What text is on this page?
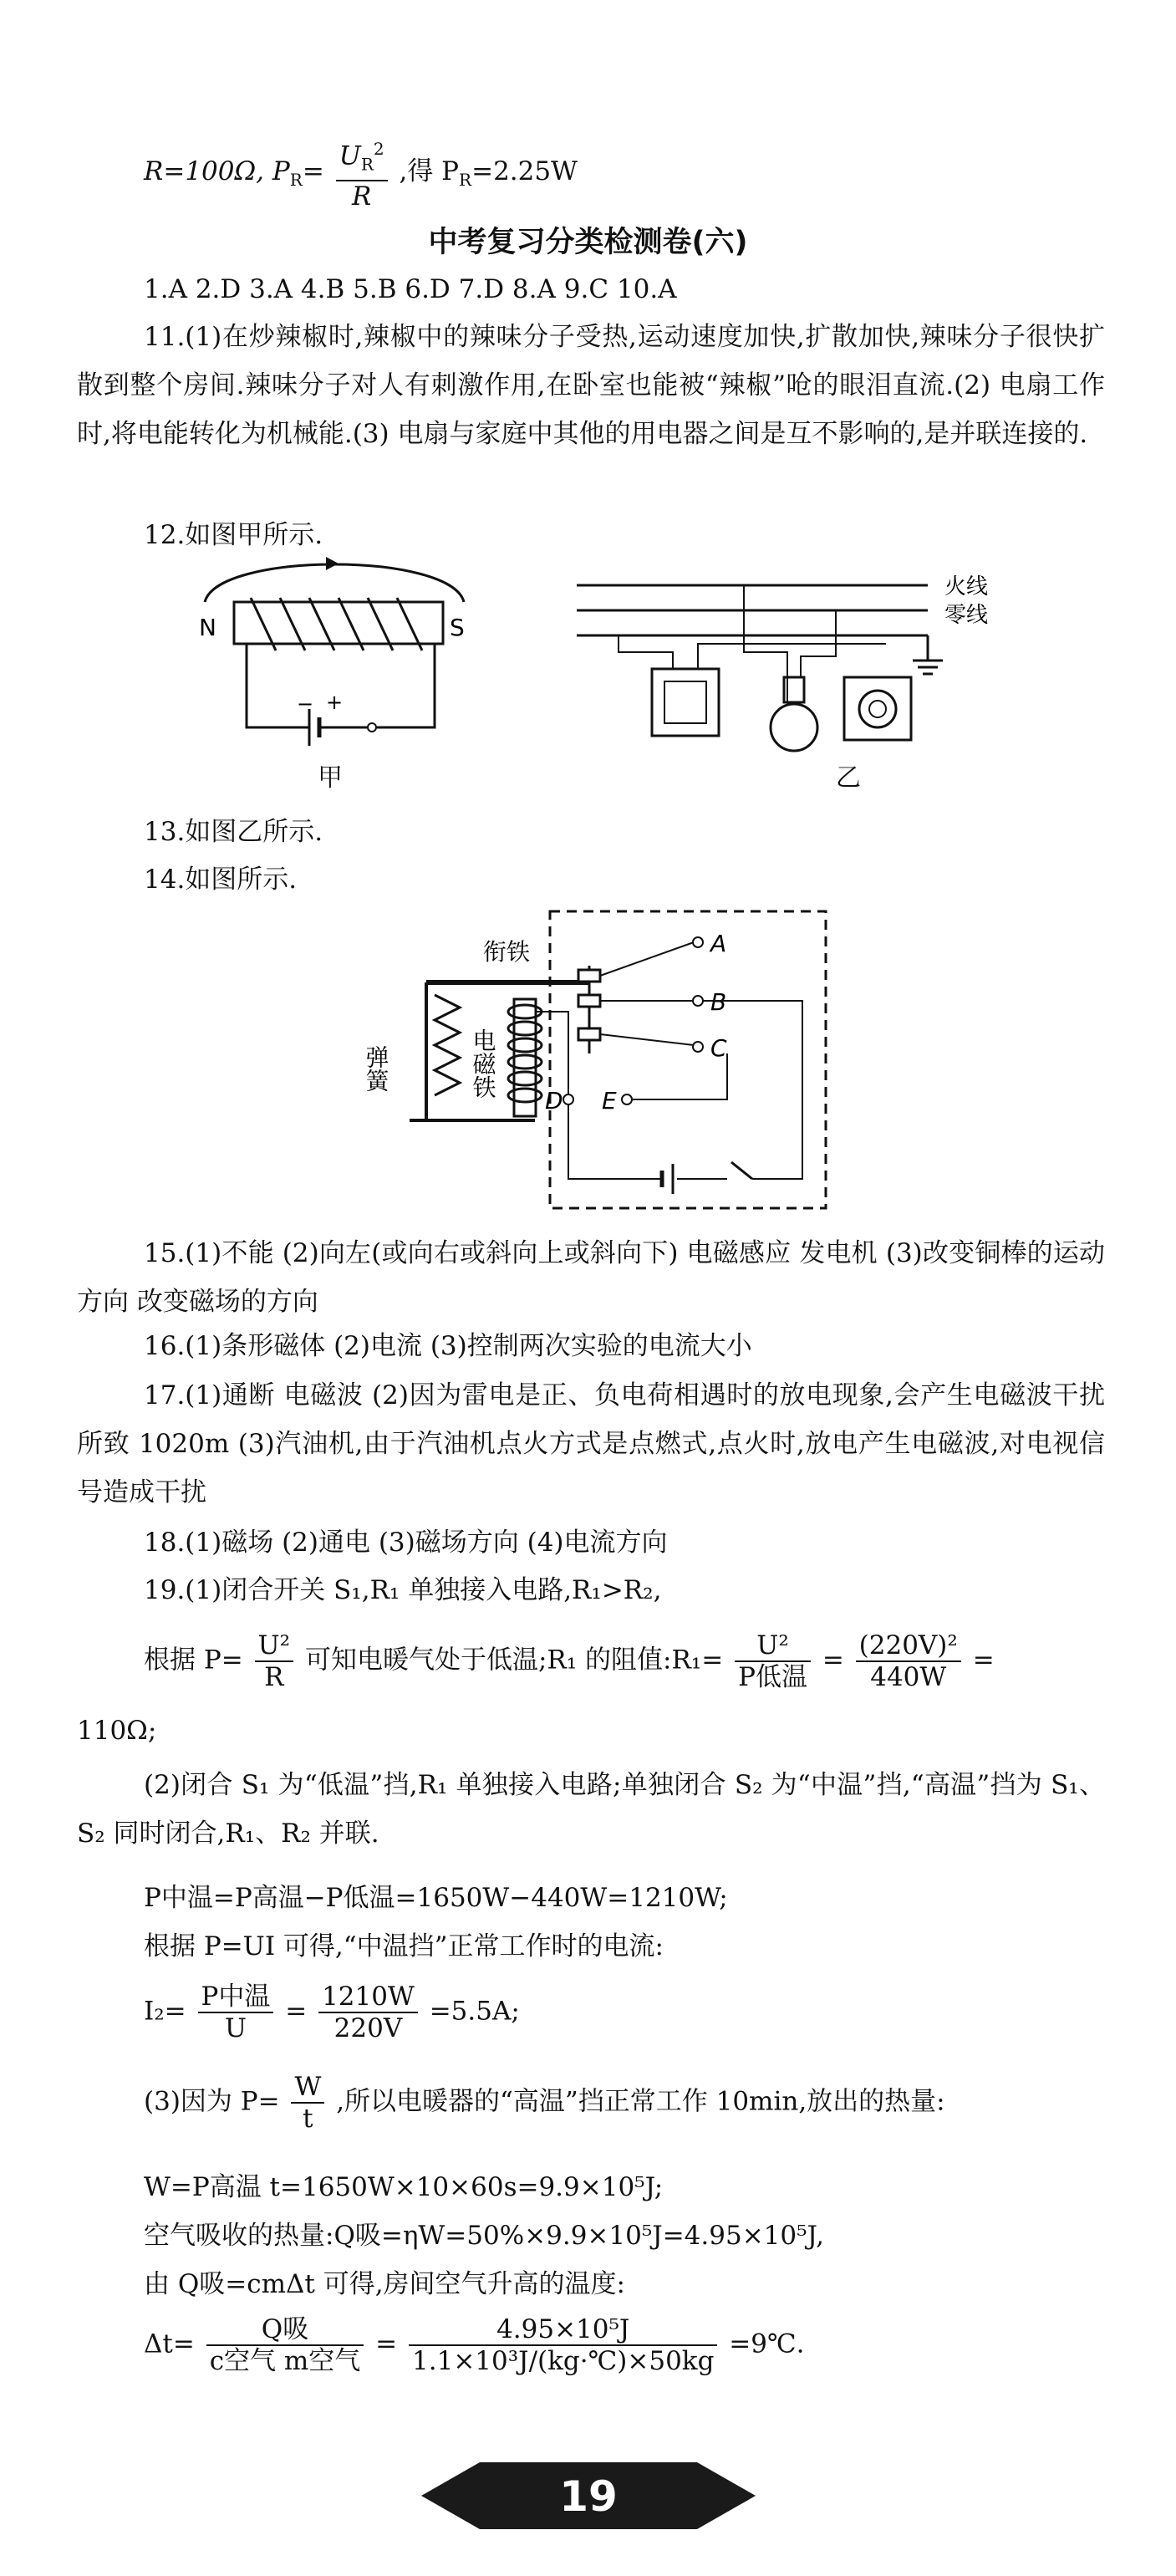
R=100Ω, $P_R= \frac{U_R^2}{R}$ ,得 $P_R=2.25W$
中考复习分类检测卷(六)
1.A 2.D 3.A 4.B 5.B 6.D 7.D 8.A 9.C 10.A
11.(1)在炒辣椒时,辣椒中的辣味分子受热,运动速度加快,扩散加快,辣味分子很快扩散到整个房间.辣味分子对人有刺激作用,在卧室也能被“辣椒”呛的眼泪直流.(2) 电扇工作时,将电能转化为机械能.(3) 电扇与家庭中其他的用电器之间是互不影响的,是并联连接的.
12.如图甲所示.
N	S
− +
甲
火线
零线
乙
13.如图乙所示.
14.如图所示.
衔铁
弹簧	电磁铁
A
B
C
D E
15.(1)不能 (2)向左(或向右或斜向上或斜向下) 电磁感应 发电机 (3)改变铜棒的运动方向 改变磁场的方向
16.(1)条形磁体 (2)电流 (3)控制两次实验的电流大小
17.(1)通断 电磁波 (2)因为雷电是正、负电荷相遇时的放电现象,会产生电磁波干扰所致 1020m (3)汽油机,由于汽油机点火方式是点燃式,点火时,放电产生电磁波,对电视信号造成干扰
18.(1)磁场 (2)通电 (3)磁场方向 (4)电流方向
19.(1)闭合开关 S₁,R₁ 单独接入电路,R₁>R₂,
根据 $P= \frac{\text{U²}}{R}$ 可知电暖气处于低温;R₁ 的阻值:R₁= $\frac{\text{U²}}{\text{P低温}} = \frac{\text{(220V)²}}{440W}$ =
110Ω;
(2)闭合 S₁ 为“低温”挡,R₁ 单独接入电路;单独闭合 S₂ 为“中温”挡,“高温”挡为 S₁、S₂ 同时闭合,R₁、R₂ 并联.
P中温=P高温−P低温=1650W−440W=1210W;
根据 P=UI 可得,“中温挡”正常工作时的电流:
$I_2= \frac{\text{P中温}}{U} = \frac{1210W}{220V} =5.5A$;
(3)因为 $P= \frac{W}{t}$ ,所以电暖器的“高温”挡正常工作 10min,放出的热量:
W=P高温 t=1650W×10×60s=9.9×10⁵J;
空气吸收的热量:Q吸=ηW=50%×9.9×10⁵J=4.95×10⁵J,
由 Q吸=cmΔt 可得,房间空气升高的温度:
$\Delta t= \frac{\text{Q吸}}{\text{c空气 m空气}} = \frac{\text{4.95×10⁵J}}{\text{1.1×10³J/(kg·℃)×50kg}}$ =9℃.
19
